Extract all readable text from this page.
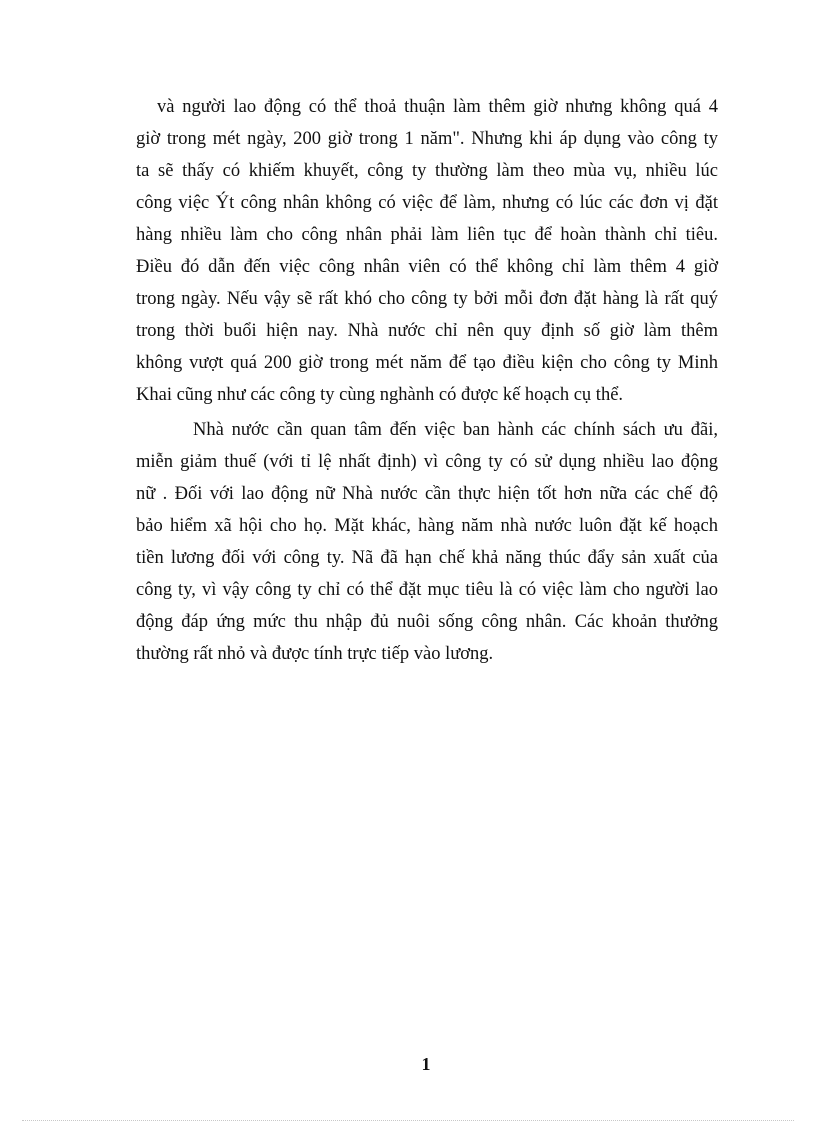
và người lao động có thể thoả thuận làm thêm giờ nhưng không quá 4
giờ trong mét ngày, 200 giờ trong 1 năm". Nhưng khi áp dụng vào công ty
ta sẽ thấy có khiếm khuyết, công ty thường làm theo mùa vụ, nhiều lúc
công việc Ýt công nhân không có việc để làm, nhưng có lúc các đơn vị đặt
hàng nhiều làm cho công nhân phải làm liên tục để hoàn thành chỉ tiêu.
Điều đó dẫn đến việc công nhân viên có thể không chỉ làm thêm 4 giờ
trong ngày. Nếu vậy sẽ rất khó cho công ty bởi mỗi đơn đặt hàng là rất quý
trong thời buổi hiện nay. Nhà nước chỉ nên quy định số giờ làm thêm
không vượt quá 200 giờ trong mét năm để tạo điều kiện cho công ty Minh
Khai cũng như các công ty cùng nghành có được kế hoạch cụ thể.
Nhà nước cần quan tâm đến việc ban hành các chính sách ưu đãi,
miễn giảm thuế (với tỉ lệ nhất định) vì công ty có sử dụng nhiều lao động
nữ . Đối với lao động nữ Nhà nước cần thực hiện tốt hơn nữa các chế độ
bảo hiểm xã hội cho họ. Mặt khác, hàng năm nhà nước luôn đặt kế hoạch
tiền lương đối với công ty. Nã đã hạn chế khả năng thúc đẩy sản xuất của
công ty, vì vậy công ty chỉ có thể đặt mục tiêu là có việc làm cho người lao
động đáp ứng mức thu nhập đủ nuôi sống công nhân. Các khoản thưởng
thường rất nhỏ và được tính trực tiếp vào lương.
1
